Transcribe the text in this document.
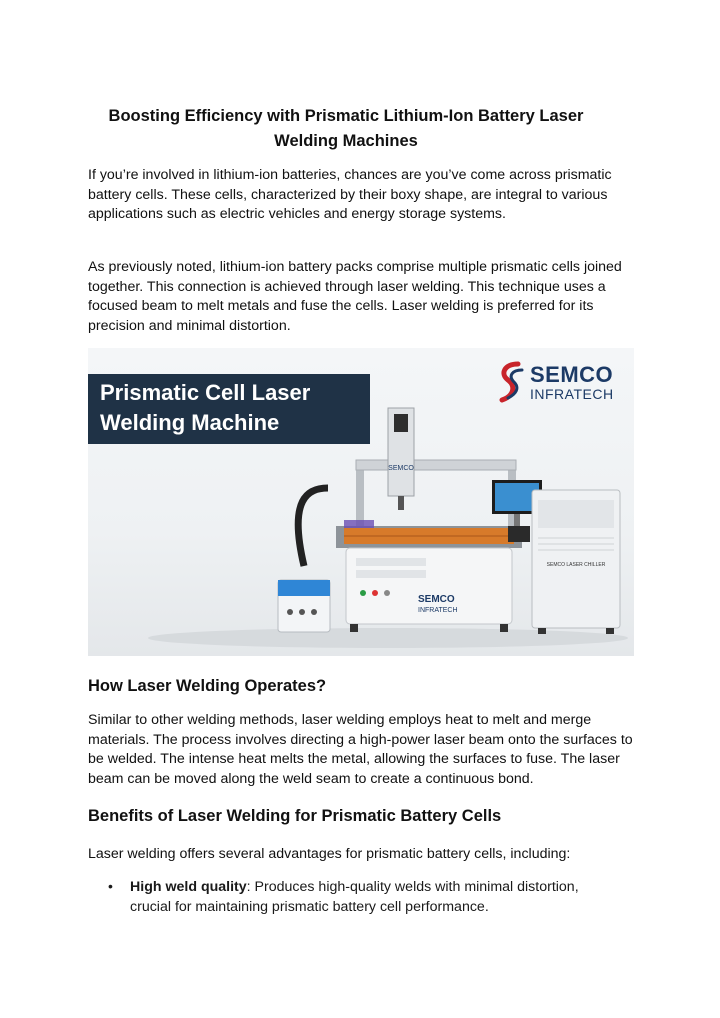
Boosting Efficiency with Prismatic Lithium-Ion Battery Laser Welding Machines

If you’re involved in lithium-ion batteries, chances are you’ve come across prismatic battery cells. These cells, characterized by their boxy shape, are integral to various applications such as electric vehicles and energy storage systems.

As previously noted, lithium-ion battery packs comprise multiple prismatic cells joined together. This connection is achieved through laser welding. This technique uses a focused beam to melt metals and fuse the cells. Laser welding is preferred for its precision and minimal distortion.

Prismatic Cell Laser
Welding Machine
SEMCO
INFRATECH
SEMCO
SEMCO
INFRATECH
SEMCO LASER CHILLER
How Laser Welding Operates?

Similar to other welding methods, laser welding employs heat to melt and merge materials. The process involves directing a high-power laser beam onto the surfaces to be welded. The intense heat melts the metal, allowing the surfaces to fuse. The laser beam can be moved along the weld seam to create a continuous bond.

Benefits of Laser Welding for Prismatic Battery Cells

Laser welding offers several advantages for prismatic battery cells, including:

• High weld quality: Produces high-quality welds with minimal distortion, crucial for maintaining prismatic battery cell performance.
